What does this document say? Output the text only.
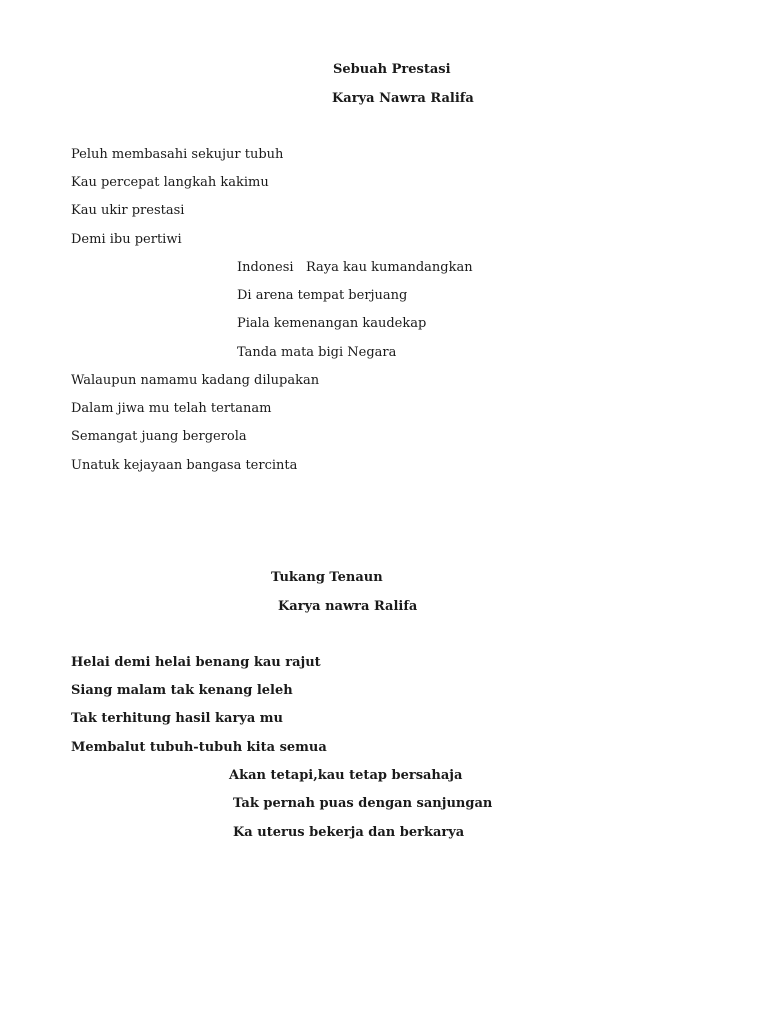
Sebuah Prestasi
Karya Nawra Ralifa
Peluh membasahi sekujur tubuh
Kau percepat langkah kakimu
Kau ukir prestasi
Demi ibu pertiwi
Indonesi   Raya kau kumandangkan
Di arena tempat berjuang
Piala kemenangan kaudekap
Tanda mata bigi Negara
Walaupun namamu kadang dilupakan
Dalam jiwa mu telah tertanam
Semangat juang bergerola
Unatuk kejayaan bangasa tercinta
Tukang Tenaun
Karya nawra Ralifa
Helai demi helai benang kau rajut
Siang malam tak kenang leleh
Tak terhitung hasil karya mu
Membalut tubuh-tubuh kita semua
Akan tetapi,kau tetap bersahaja
Tak pernah puas dengan sanjungan
Ka uterus bekerja dan berkarya
